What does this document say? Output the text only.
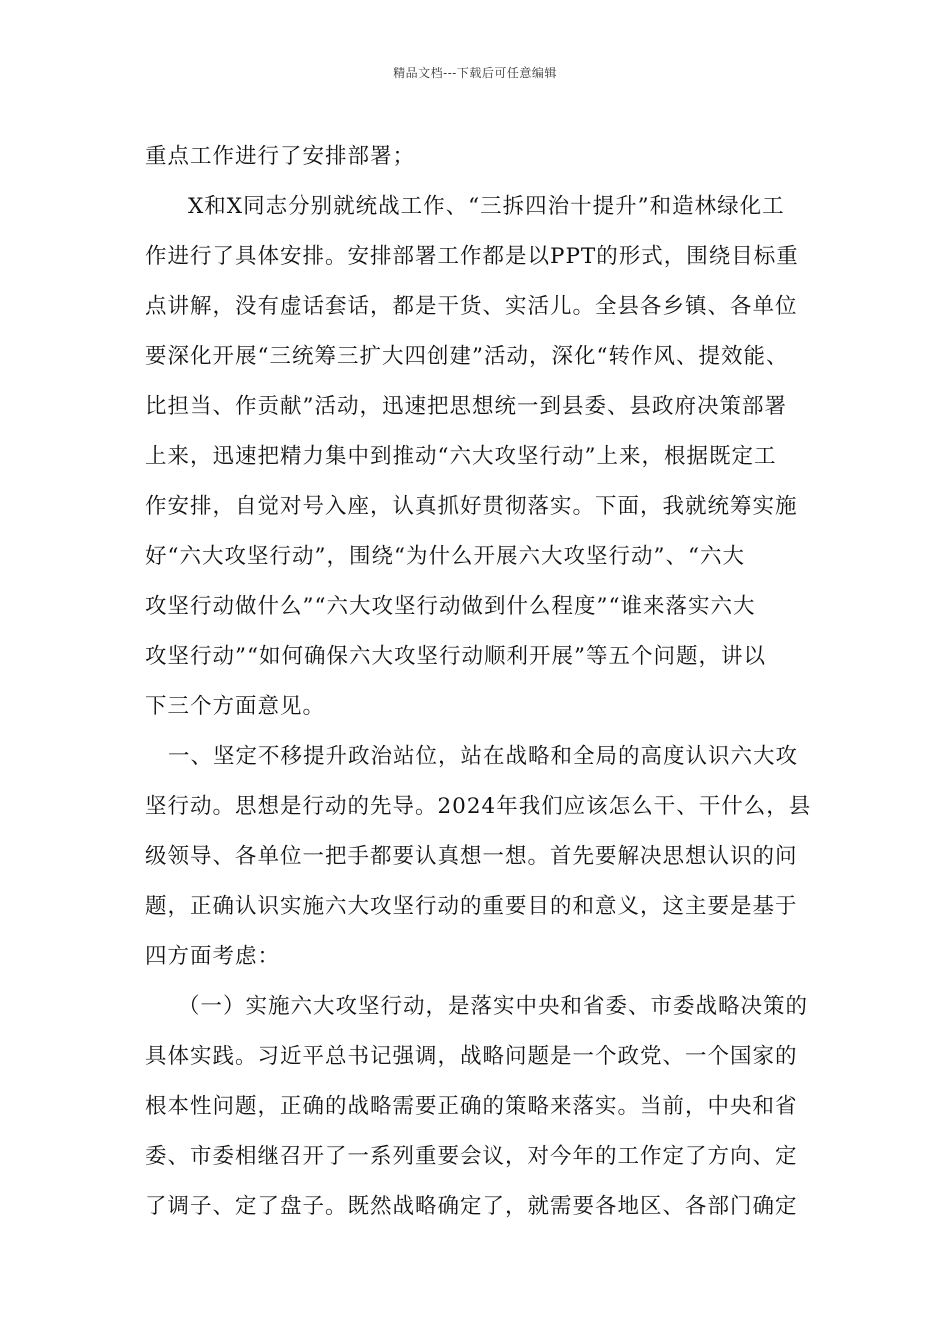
精品文档---下载后可任意编辑
重点工作进行了安排部署；
X和X同志分别就统战工作、“三拆四治十提升”和造林绿化工
作进行了具体安排。安排部署工作都是以PPT的形式，围绕目标重
点讲解，没有虚话套话，都是干货、实活儿。全县各乡镇、各单位
要深化开展“三统筹三扩大四创建”活动，深化“转作风、提效能、
比担当、作贡献”活动，迅速把思想统一到县委、县政府决策部署
上来，迅速把精力集中到推动“六大攻坚行动”上来，根据既定工
作安排，自觉对号入座，认真抓好贯彻落实。下面，我就统筹实施
好“六大攻坚行动”，围绕“为什么开展六大攻坚行动”、“六大
攻坚行动做什么”“六大攻坚行动做到什么程度”“谁来落实六大
攻坚行动”“如何确保六大攻坚行动顺利开展”等五个问题，讲以
下三个方面意见。
一、坚定不移提升政治站位，站在战略和全局的高度认识六大攻
坚行动。思想是行动的先导。2024年我们应该怎么干、干什么，县
级领导、各单位一把手都要认真想一想。首先要解决思想认识的问
题，正确认识实施六大攻坚行动的重要目的和意义，这主要是基于
四方面考虑：
（一）实施六大攻坚行动，是落实中央和省委、市委战略决策的
具体实践。习近平总书记强调，战略问题是一个政党、一个国家的
根本性问题，正确的战略需要正确的策略来落实。当前，中央和省
委、市委相继召开了一系列重要会议，对今年的工作定了方向、定
了调子、定了盘子。既然战略确定了，就需要各地区、各部门确定
